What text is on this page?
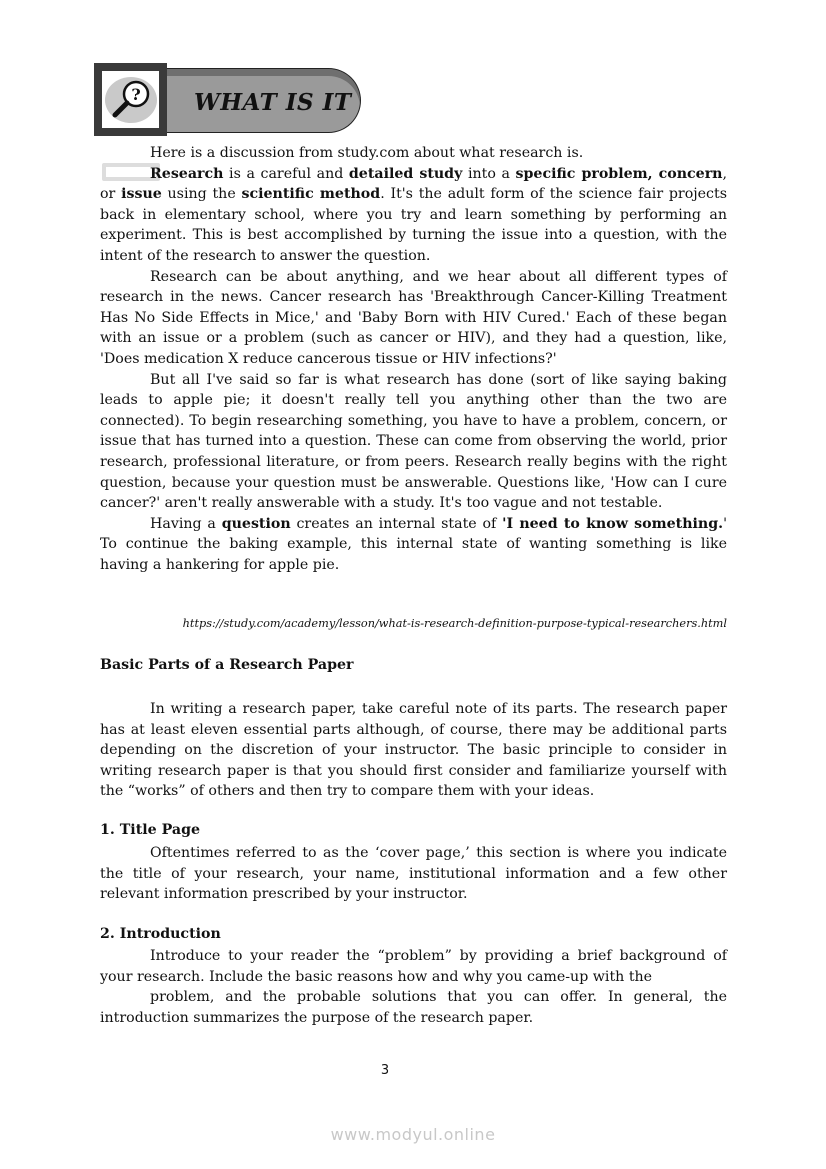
WHAT IS IT
?

Here is a discussion from study.com about what research is.

Research is a careful and detailed study into a specific problem, concern, or issue using the scientific method. It's the adult form of the science fair projects back in elementary school, where you try and learn something by performing an experiment. This is best accomplished by turning the issue into a question, with the intent of the research to answer the question.

Research can be about anything, and we hear about all different types of research in the news. Cancer research has 'Breakthrough Cancer-Killing Treatment Has No Side Effects in Mice,' and 'Baby Born with HIV Cured.' Each of these began with an issue or a problem (such as cancer or HIV), and they had a question, like, 'Does medication X reduce cancerous tissue or HIV infections?'

But all I've said so far is what research has done (sort of like saying baking leads to apple pie; it doesn't really tell you anything other than the two are connected). To begin researching something, you have to have a problem, concern, or issue that has turned into a question. These can come from observing the world, prior research, professional literature, or from peers. Research really begins with the right question, because your question must be answerable. Questions like, 'How can I cure cancer?' aren't really answerable with a study. It's too vague and not testable.

Having a question creates an internal state of 'I need to know something.' To continue the baking example, this internal state of wanting something is like having a hankering for apple pie.

https://study.com/academy/lesson/what-is-research-definition-purpose-typical-researchers.html
Basic Parts of a Research Paper

In writing a research paper, take careful note of its parts. The research paper has at least eleven essential parts although, of course, there may be additional parts depending on the discretion of your instructor. The basic principle to consider in writing research paper is that you should first consider and familiarize yourself with the “works” of others and then try to compare them with your ideas.

1. Title Page

Oftentimes referred to as the ‘cover page,’ this section is where you indicate the title of your research, your name, institutional information and a few other relevant information prescribed by your instructor.

2. Introduction

Introduce to your reader the “problem” by providing a brief background of your research. Include the basic reasons how and why you came-up with the

problem, and the probable solutions that you can offer. In general, the introduction summarizes the purpose of the research paper.

3
www.modyul.online
